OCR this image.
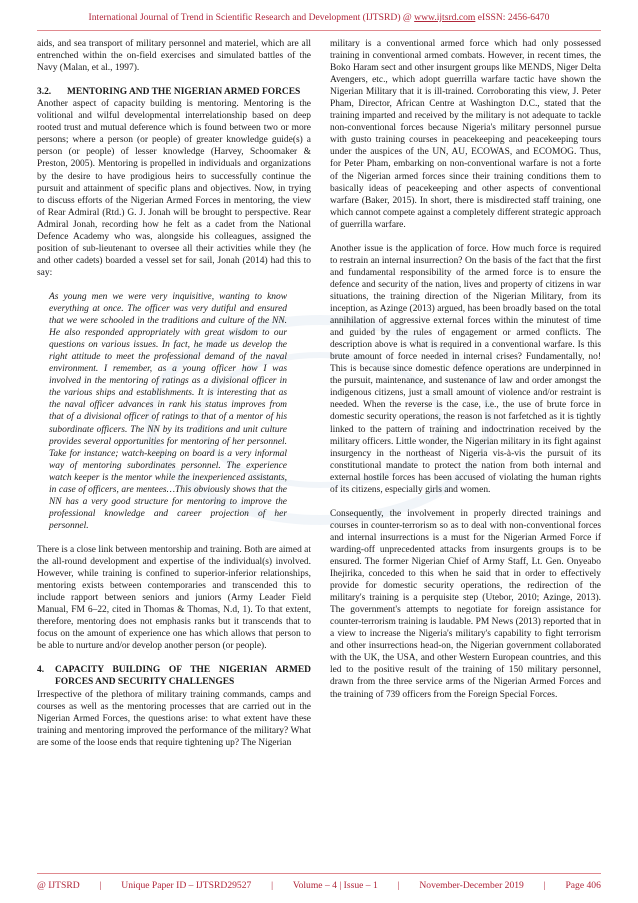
International Journal of Trend in Scientific Research and Development (IJTSRD) @ www.ijtsrd.com eISSN: 2456-6470

aids, and sea transport of military personnel and materiel, which are all entrenched within the on-field exercises and simulated battles of the Navy (Malan, et al., 1997).

3.2. MENTORING AND THE NIGERIAN ARMED FORCES

Another aspect of capacity building is mentoring. Mentoring is the volitional and wilful developmental interrelationship based on deep rooted trust and mutual deference which is found between two or more persons; where a person (or people) of greater knowledge guide(s) a person (or people) of lesser knowledge (Harvey, Schoomaker & Preston, 2005). Mentoring is propelled in individuals and organizations by the desire to have prodigious heirs to successfully continue the pursuit and attainment of specific plans and objectives. Now, in trying to discuss efforts of the Nigerian Armed Forces in mentoring, the view of Rear Admiral (Rtd.) G. J. Jonah will be brought to perspective. Rear Admiral Jonah, recording how he felt as a cadet from the National Defence Academy who was, alongside his colleagues, assigned the position of sub-lieutenant to oversee all their activities while they (he and other cadets) boarded a vessel set for sail, Jonah (2014) had this to say:

As young men we were very inquisitive, wanting to know everything at once. The officer was very dutiful and ensured that we were schooled in the traditions and culture of the NN. He also responded appropriately with great wisdom to our questions on various issues. In fact, he made us develop the right attitude to meet the professional demand of the naval environment. I remember, as a young officer how I was involved in the mentoring of ratings as a divisional officer in the various ships and establishments. It is interesting that as the naval officer advances in rank his status improves from that of a divisional officer of ratings to that of a mentor of his subordinate officers. The NN by its traditions and unit culture provides several opportunities for mentoring of her personnel. Take for instance; watch-keeping on board is a very informal way of mentoring subordinates personnel. The experience watch keeper is the mentor while the inexperienced assistants, in case of officers, are mentees…This obviously shows that the NN has a very good structure for mentoring to improve the professional knowledge and career projection of her personnel.

There is a close link between mentorship and training. Both are aimed at the all-round development and expertise of the individual(s) involved. However, while training is confined to superior-inferior relationships, mentoring exists between contemporaries and transcended this to include rapport between seniors and juniors (Army Leader Field Manual, FM 6–22, cited in Thomas & Thomas, N.d, 1). To that extent, therefore, mentoring does not emphasis ranks but it transcends that to focus on the amount of experience one has which allows that person to be able to nurture and/or develop another person (or people).

4.	CAPACITY BUILDING OF THE NIGERIAN ARMED FORCES AND SECURITY CHALLENGES

Irrespective of the plethora of military training commands, camps and courses as well as the mentoring processes that are carried out in the Nigerian Armed Forces, the questions arise: to what extent have these training and mentoring improved the performance of the military? What are some of the loose ends that require tightening up? The Nigerian

military is a conventional armed force which had only possessed training in conventional armed combats. However, in recent times, the Boko Haram sect and other insurgent groups like MENDS, Niger Delta Avengers, etc., which adopt guerrilla warfare tactic have shown the Nigerian Military that it is ill-trained. Corroborating this view, J. Peter Pham, Director, African Centre at Washington D.C., stated that the training imparted and received by the military is not adequate to tackle non-conventional forces because Nigeria's military personnel pursue with gusto training courses in peacekeeping and peacekeeping tours under the auspices of the UN, AU, ECOWAS, and ECOMOG. Thus, for Peter Pham, embarking on non-conventional warfare is not a forte of the Nigerian armed forces since their training conditions them to basically ideas of peacekeeping and other aspects of conventional warfare (Baker, 2015). In short, there is misdirected staff training, one which cannot compete against a completely different strategic approach of guerrilla warfare.

Another issue is the application of force. How much force is required to restrain an internal insurrection? On the basis of the fact that the first and fundamental responsibility of the armed force is to ensure the defence and security of the nation, lives and property of citizens in war situations, the training direction of the Nigerian Military, from its inception, as Azinge (2013) argued, has been broadly based on the total annihilation of aggressive external forces within the minutest of time and guided by the rules of engagement or armed conflicts. The description above is what is required in a conventional warfare. Is this brute amount of force needed in internal crises? Fundamentally, no! This is because since domestic defence operations are underpinned in the pursuit, maintenance, and sustenance of law and order amongst the indigenous citizens, just a small amount of violence and/or restraint is needed. When the reverse is the case, i.e., the use of brute force in domestic security operations, the reason is not farfetched as it is tightly linked to the pattern of training and indoctrination received by the military officers. Little wonder, the Nigerian military in its fight against insurgency in the northeast of Nigeria vis-à-vis the pursuit of its constitutional mandate to protect the nation from both internal and external hostile forces has been accused of violating the human rights of its citizens, especially girls and women.

Consequently, the involvement in properly directed trainings and courses in counter-terrorism so as to deal with non-conventional forces and internal insurrections is a must for the Nigerian Armed Force if warding-off unprecedented attacks from insurgents groups is to be ensured. The former Nigerian Chief of Army Staff, Lt. Gen. Onyeabo Ihejirika, conceded to this when he said that in order to effectively provide for domestic security operations, the redirection of the military's training is a perquisite step (Utebor, 2010; Azinge, 2013). The government's attempts to negotiate for foreign assistance for counter-terrorism training is laudable. PM News (2013) reported that in a view to increase the Nigeria's military's capability to fight terrorism and other insurrections head-on, the Nigerian government collaborated with the UK, the USA, and other Western European countries, and this led to the positive result of the training of 150 military personnel, drawn from the three service arms of the Nigerian Armed Forces and the training of 739 officers from the Foreign Special Forces.

@ IJTSRD | Unique Paper ID – IJTSRD29527 | Volume – 4 | Issue – 1 | November-December 2019 | Page 406
